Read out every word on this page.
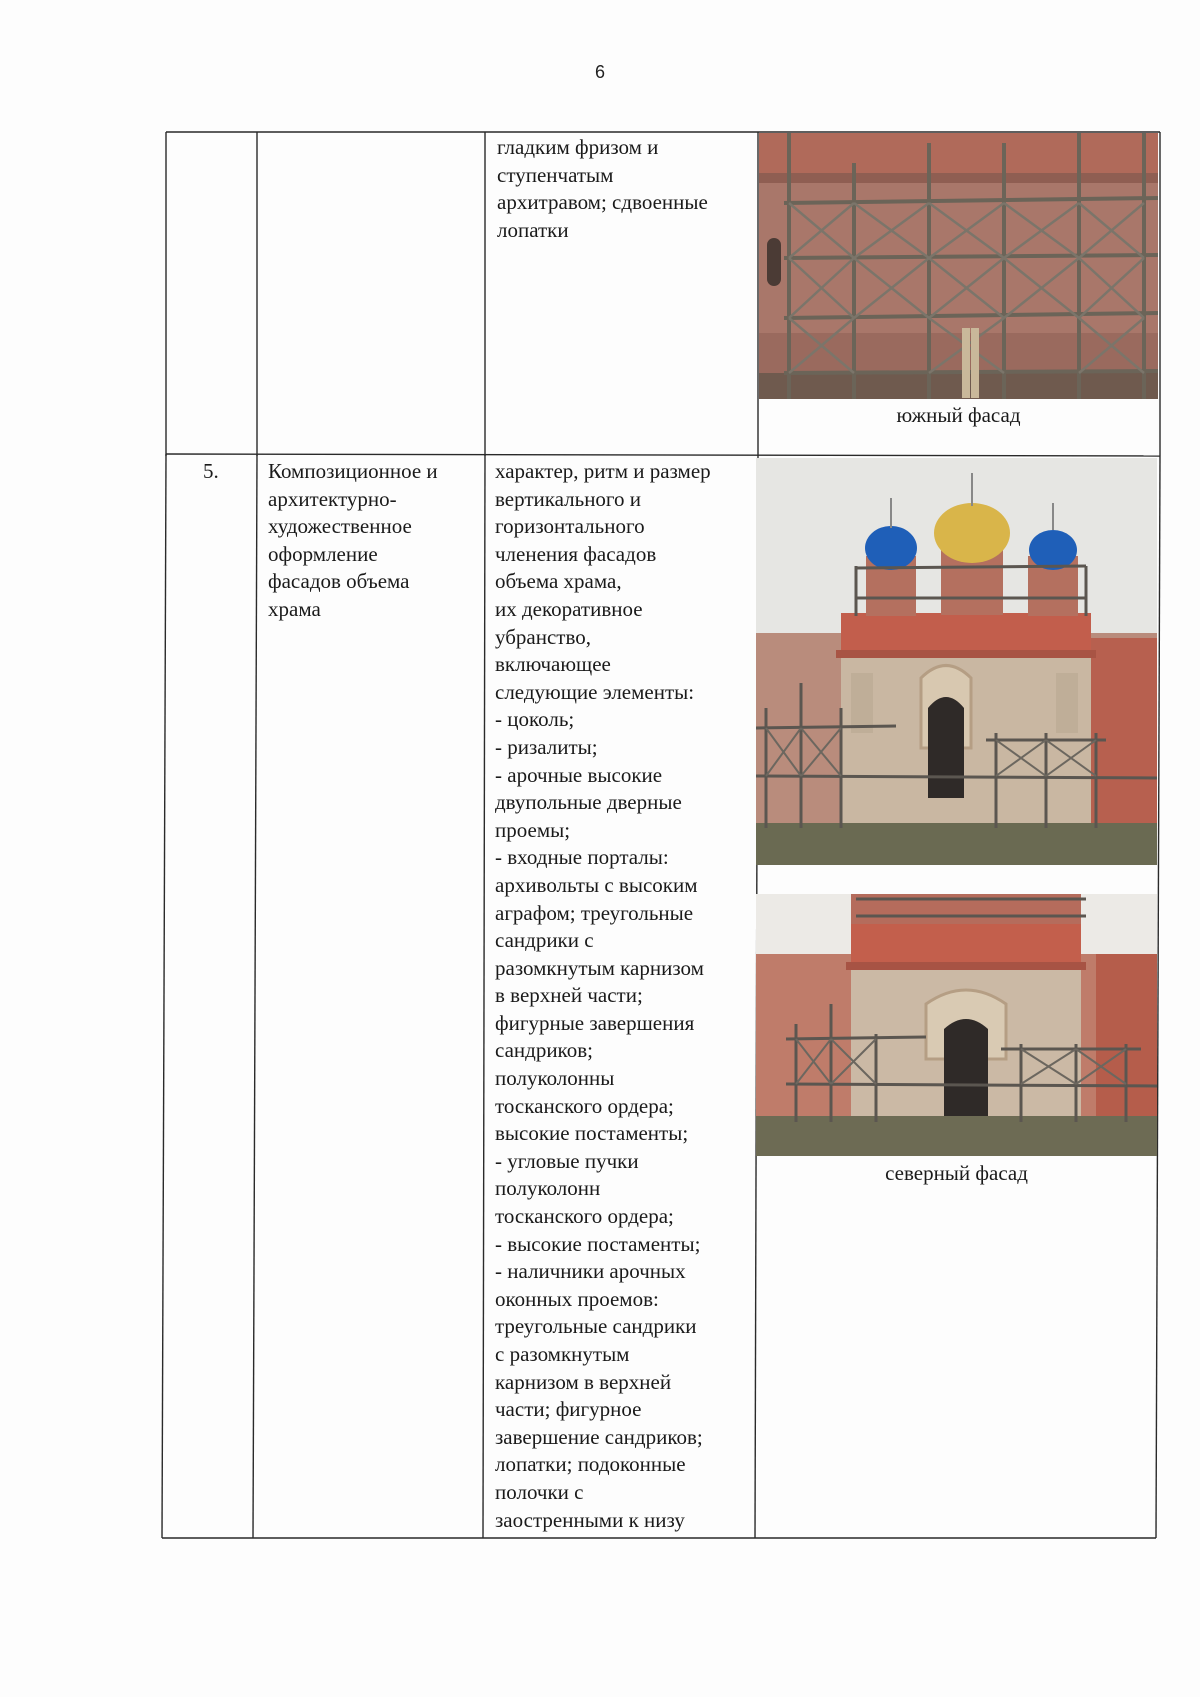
6
гладким фризом и
ступенчатым
архитравом; сдвоенные
лопатки
южный фасад
5. Композиционное и
архитектурно-
художественное
оформление
фасадов объема
храма
характер, ритм и размер
вертикального и
горизонтального
членения фасадов
объема храма,
их декоративное
убранство,
включающее
следующие элементы:
- цоколь;
- ризалиты;
- арочные высокие
двупольные дверные
проемы;
- входные порталы:
архивольты с высоким
аграфом; треугольные
сандрики с
разомкнутым карнизом
в верхней части;
фигурные завершения
сандриков;
полуколонны
тосканского ордера;
высокие постаменты;
- угловые пучки
полуколонн
тосканского ордера;
- высокие постаменты;
- наличники арочных
оконных проемов:
треугольные сандрики
с разомкнутым
карнизом в верхней
части; фигурное
завершение сандриков;
лопатки; подоконные
полочки с
заостренными к низу
северный фасад
